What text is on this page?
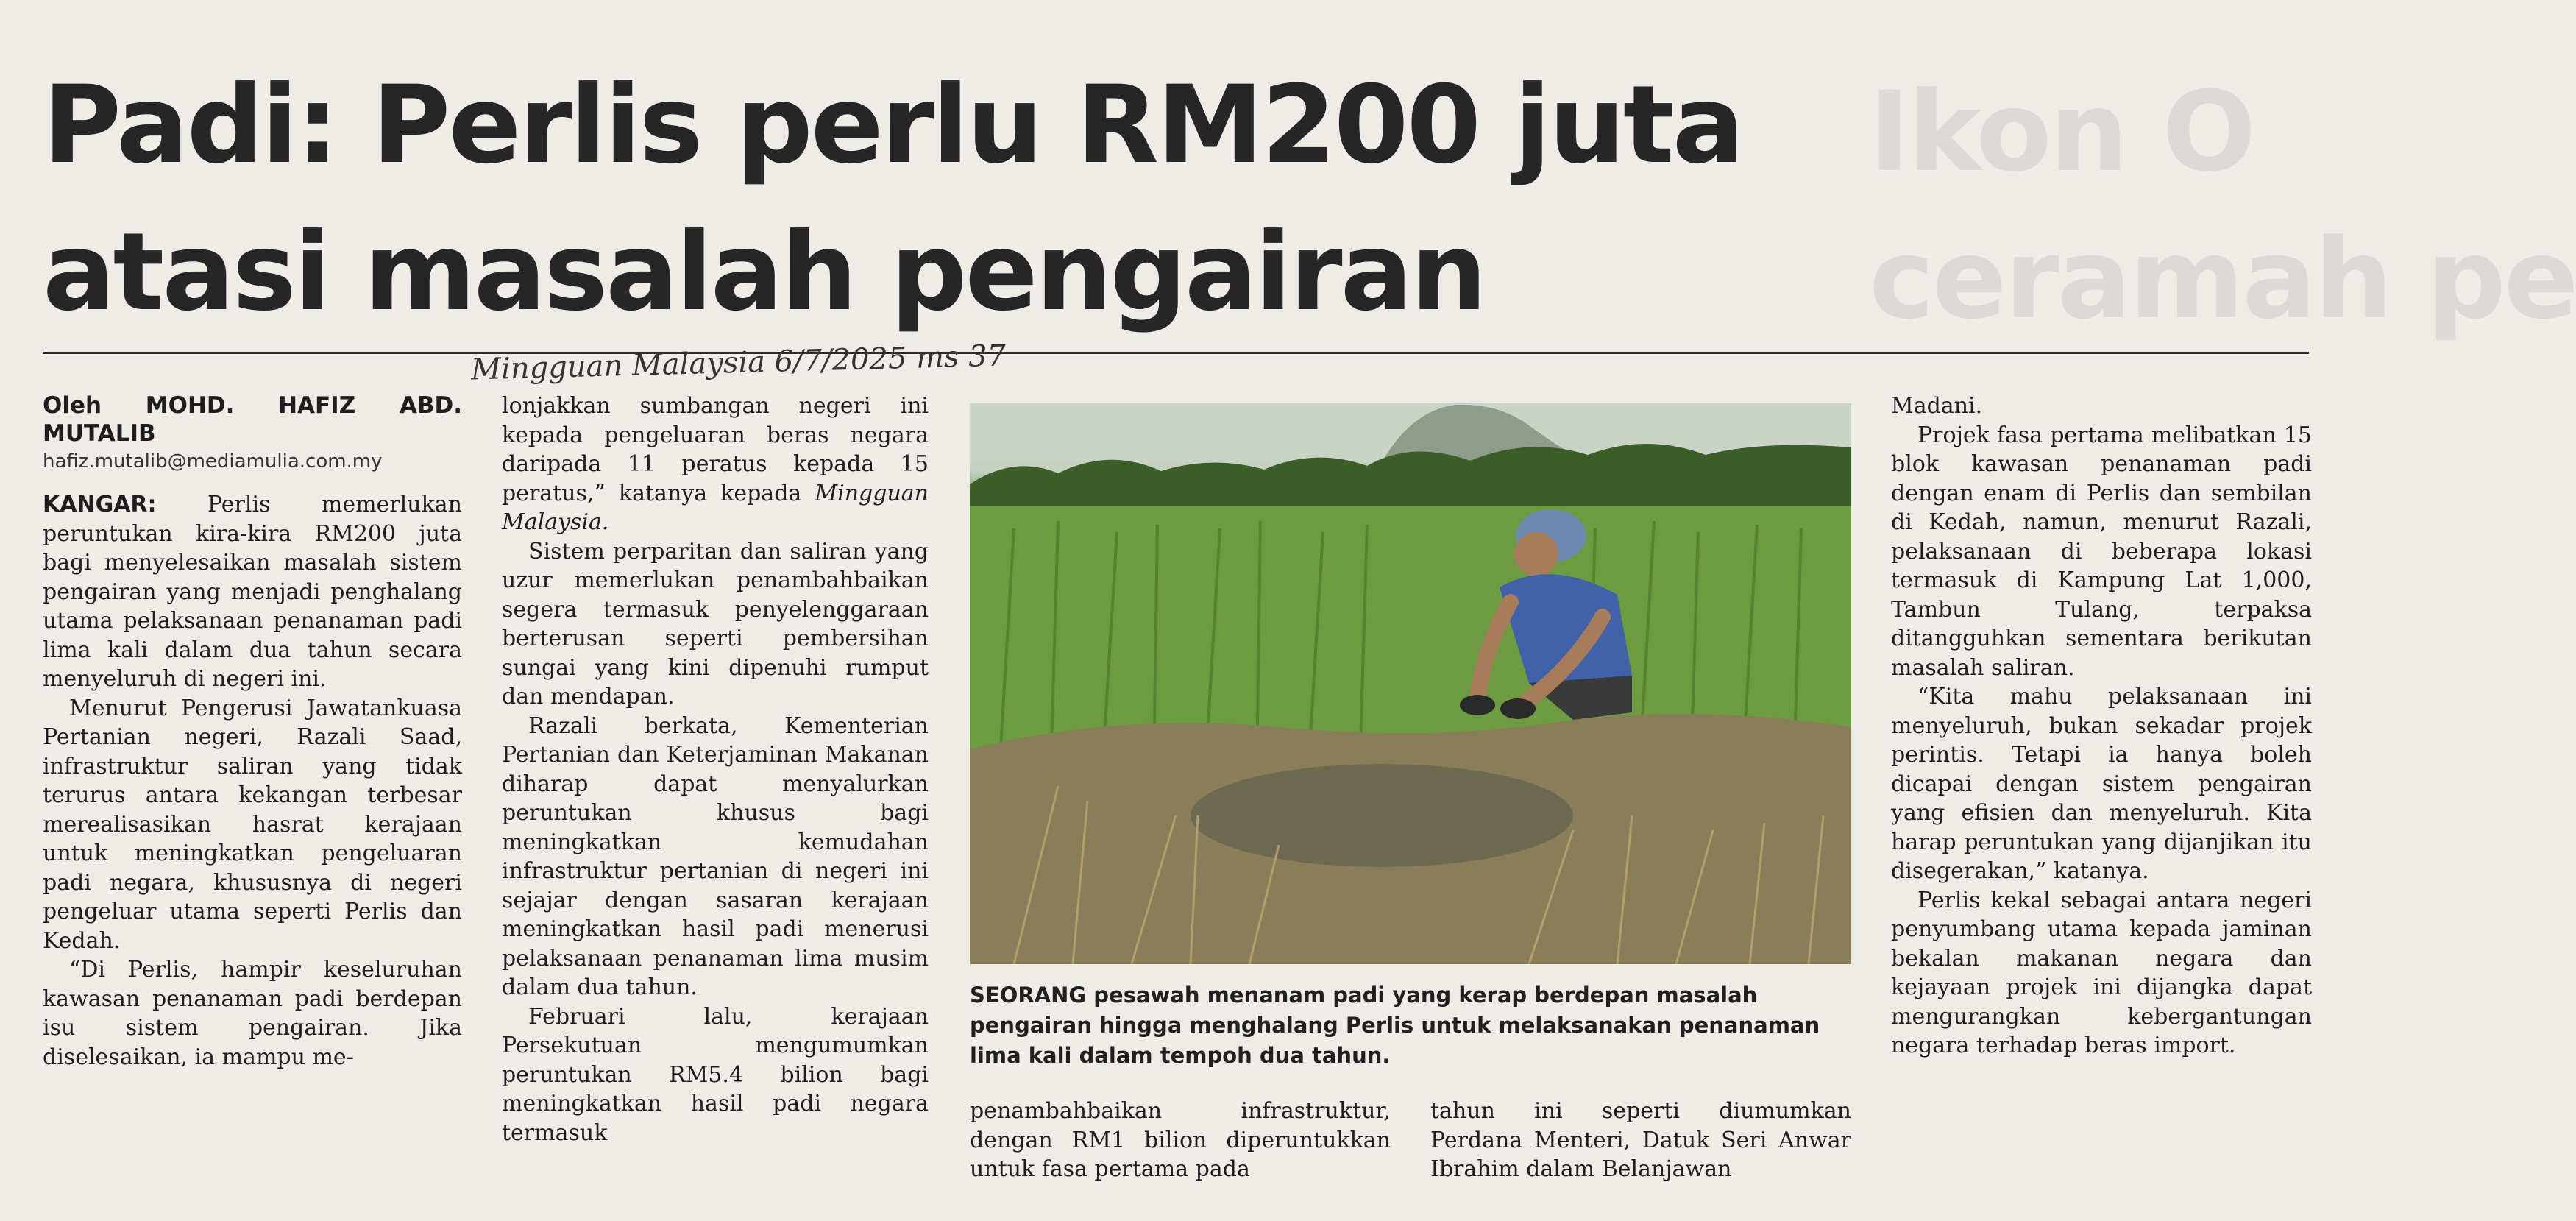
Ikon O
ceramah pe
Padi: Perlis perlu RM200 juta
atasi masalah pengairan
Mingguan Malaysia 6/7/2025 ms 37

Oleh MOHD. HAFIZ ABD. MUTALIB

hafiz.mutalib@mediamulia.com.my

KANGAR: Perlis memerlukan peruntukan kira-kira RM200 juta bagi menyelesaikan masalah sistem pengairan yang menjadi penghalang utama pelaksanaan penanaman padi lima kali dalam dua tahun secara menyeluruh di negeri ini.

Menurut Pengerusi Jawatankuasa Pertanian negeri, Razali Saad, infrastruktur saliran yang tidak terurus antara kekangan terbesar merealisasikan hasrat kerajaan untuk meningkatkan pengeluaran padi negara, khususnya di negeri pengeluar utama seperti Perlis dan Kedah.

“Di Perlis, hampir keseluruhan kawasan penanaman padi berdepan isu sistem pengairan. Jika diselesaikan, ia mampu me-

lonjakkan sumbangan negeri ini kepada pengeluaran beras negara daripada 11 peratus kepada 15 peratus,” katanya kepada Mingguan Malaysia.

Sistem perparitan dan saliran yang uzur memerlukan penambahbaikan segera termasuk penyelenggaraan berterusan seperti pembersihan sungai yang kini dipenuhi rumput dan mendapan.

Razali berkata, Kementerian Pertanian dan Keterjaminan Makanan diharap dapat menyalurkan peruntukan khusus bagi meningkatkan kemudahan infrastruktur pertanian di negeri ini sejajar dengan sasaran kerajaan meningkatkan hasil padi menerusi pelaksanaan penanaman lima musim dalam dua tahun.

Februari lalu, kerajaan Persekutuan mengumumkan peruntukan RM5.4 bilion bagi meningkatkan hasil padi negara termasuk

SEORANG pesawah menanam padi yang kerap berdepan masalah pengairan hingga menghalang Perlis untuk melaksanakan penanaman lima kali dalam tempoh dua tahun.

penambahbaikan infrastruktur, dengan RM1 bilion diperuntukkan untuk fasa pertama pada

tahun ini seperti diumumkan Perdana Menteri, Datuk Seri Anwar Ibrahim dalam Belanjawan

Madani.

Projek fasa pertama melibatkan 15 blok kawasan penanaman padi dengan enam di Perlis dan sembilan di Kedah, namun, menurut Razali, pelaksanaan di beberapa lokasi termasuk di Kampung Lat 1,000, Tambun Tulang, terpaksa ditangguhkan sementara berikutan masalah saliran.

“Kita mahu pelaksanaan ini menyeluruh, bukan sekadar projek perintis. Tetapi ia hanya boleh dicapai dengan sistem pengairan yang efisien dan menyeluruh. Kita harap peruntukan yang dijanjikan itu disegerakan,” katanya.

Perlis kekal sebagai antara negeri penyumbang utama kepada jaminan bekalan makanan negara dan kejayaan projek ini dijangka dapat mengurangkan kebergantungan negara terhadap beras import.
